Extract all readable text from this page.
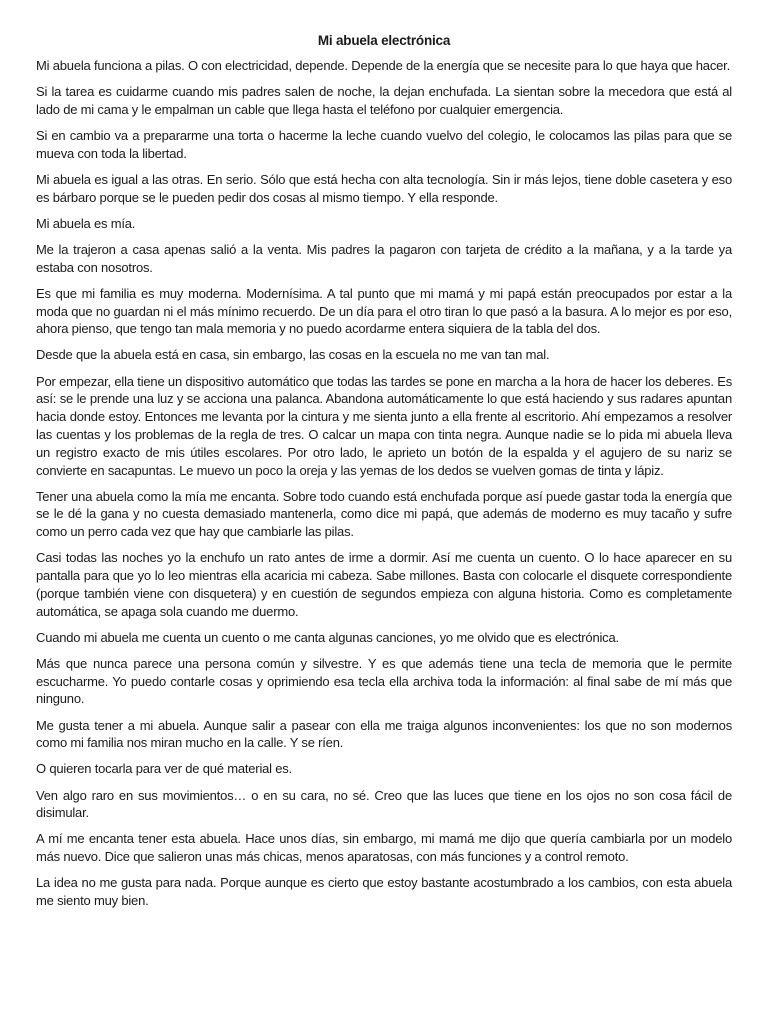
Mi abuela electrónica

Mi abuela funciona a pilas. O con electricidad, depende. Depende de la energía que se necesite para lo que haya que hacer.

Si la tarea es cuidarme cuando mis padres salen de noche, la dejan enchufada. La sientan sobre la mecedora que está al lado de mi cama y le empalman un cable que llega hasta el teléfono por cualquier emergencia.

Si en cambio va a prepararme una torta o hacerme la leche cuando vuelvo del colegio, le colocamos las pilas para que se mueva con toda la libertad.

Mi abuela es igual a las otras. En serio. Sólo que está hecha con alta tecnología. Sin ir más lejos, tiene doble casetera y eso es bárbaro porque se le pueden pedir dos cosas al mismo tiempo. Y ella responde.

Mi abuela es mía.

Me la trajeron a casa apenas salió a la venta. Mis padres la pagaron con tarjeta de crédito a la mañana, y a la tarde ya estaba con nosotros.

Es que mi familia es muy moderna. Modernísima. A tal punto que mi mamá y mi papá están preocupados por estar a la moda que no guardan ni el más mínimo recuerdo. De un día para el otro tiran lo que pasó a la basura. A lo mejor es por eso, ahora pienso, que tengo tan mala memoria y no puedo acordarme entera siquiera de la tabla del dos.

Desde que la abuela está en casa, sin embargo, las cosas en la escuela no me van tan mal.

Por empezar, ella tiene un dispositivo automático que todas las tardes se pone en marcha a la hora de hacer los deberes. Es así: se le prende una luz y se acciona una palanca. Abandona automáticamente lo que está haciendo y sus radares apuntan hacia donde estoy. Entonces me levanta por la cintura y me sienta junto a ella frente al escritorio. Ahí empezamos a resolver las cuentas y los problemas de la regla de tres. O calcar un mapa con tinta negra. Aunque nadie se lo pida mi abuela lleva un registro exacto de mis útiles escolares. Por otro lado, le aprieto un botón de la espalda y el agujero de su nariz se convierte en sacapuntas. Le muevo un poco la oreja y las yemas de los dedos se vuelven gomas de tinta y lápiz.

Tener una abuela como la mía me encanta. Sobre todo cuando está enchufada porque así puede gastar toda la energía que se le dé la gana y no cuesta demasiado mantenerla, como dice mi papá, que además de moderno es muy tacaño y sufre como un perro cada vez que hay que cambiarle las pilas.

Casi todas las noches yo la enchufo un rato antes de irme a dormir. Así me cuenta un cuento. O lo hace aparecer en su pantalla para que yo lo leo mientras ella acaricia mi cabeza. Sabe millones. Basta con colocarle el disquete correspondiente (porque también viene con disquetera) y en cuestión de segundos empieza con alguna historia. Como es completamente automática, se apaga sola cuando me duermo.

Cuando mi abuela me cuenta un cuento o me canta algunas canciones, yo me olvido que es electrónica.

Más que nunca parece una persona común y silvestre. Y es que además tiene una tecla de memoria que le permite escucharme. Yo puedo contarle cosas y oprimiendo esa tecla ella archiva toda la información: al final sabe de mí más que ninguno.

Me gusta tener a mi abuela. Aunque salir a pasear con ella me traiga algunos inconvenientes: los que no son modernos como mi familia nos miran mucho en la calle. Y se ríen.

O quieren tocarla para ver de qué material es.

Ven algo raro en sus movimientos… o en su cara, no sé. Creo que las luces que tiene en los ojos no son cosa fácil de disimular.

A mí me encanta tener esta abuela. Hace unos días, sin embargo, mi mamá me dijo que quería cambiarla por un modelo más nuevo. Dice que salieron unas más chicas, menos aparatosas, con más funciones y a control remoto.

La idea no me gusta para nada. Porque aunque es cierto que estoy bastante acostumbrado a los cambios, con esta abuela me siento muy bien.
